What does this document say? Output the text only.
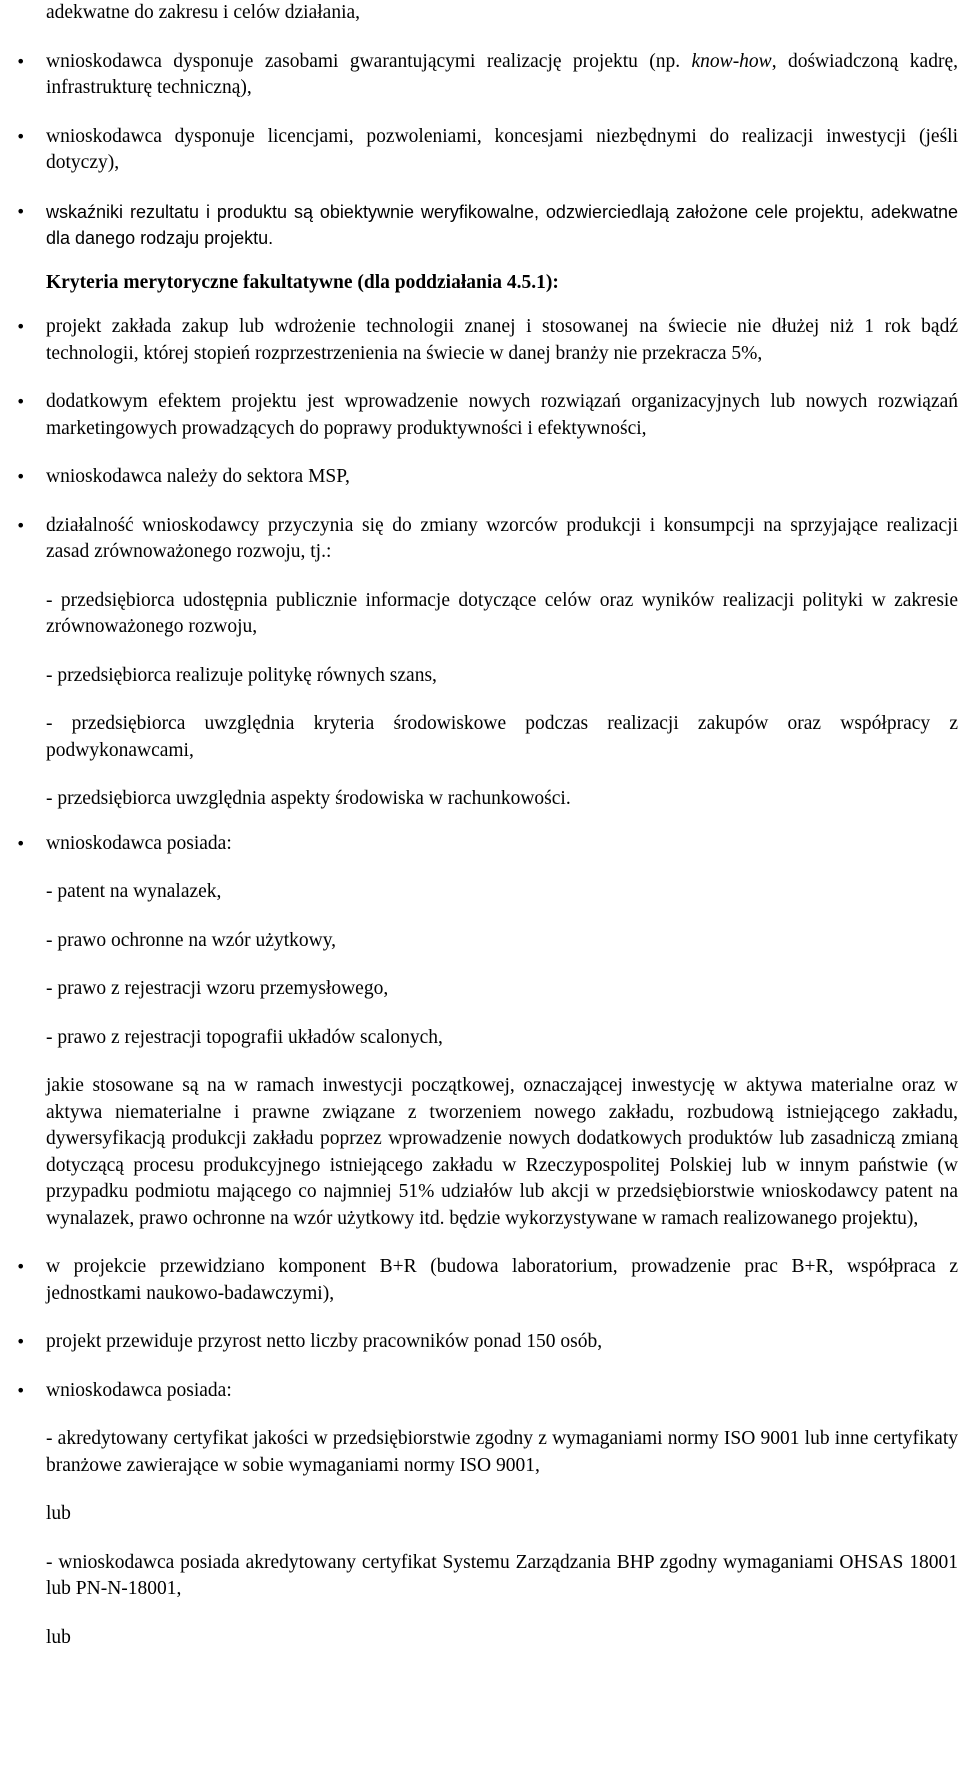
adekwatne do zakresu i celów działania,

• wnioskodawca dysponuje zasobami gwarantującymi realizację projektu (np. know-how, doświadczoną kadrę, infrastrukturę techniczną),

• wnioskodawca dysponuje licencjami, pozwoleniami, koncesjami niezbędnymi do realizacji inwestycji (jeśli dotyczy),

• wskaźniki rezultatu i produktu są obiektywnie weryfikowalne, odzwierciedlają założone cele projektu, adekwatne dla danego rodzaju projektu.

Kryteria merytoryczne fakultatywne (dla poddziałania 4.5.1):

• projekt zakłada zakup lub wdrożenie technologii znanej i stosowanej na świecie nie dłużej niż 1 rok bądź technologii, której stopień rozprzestrzenienia na świecie w danej branży nie przekracza 5%,

• dodatkowym efektem projektu jest wprowadzenie nowych rozwiązań organizacyjnych lub nowych rozwiązań marketingowych prowadzących do poprawy produktywności i efektywności,

• wnioskodawca należy do sektora MSP,

• działalność wnioskodawcy przyczynia się do zmiany wzorców produkcji i konsumpcji na sprzyjające realizacji zasad zrównoważonego rozwoju, tj.:

- przedsiębiorca udostępnia publicznie informacje dotyczące celów oraz wyników realizacji polityki w zakresie zrównoważonego rozwoju,

- przedsiębiorca realizuje politykę równych szans,

- przedsiębiorca uwzględnia kryteria środowiskowe podczas realizacji zakupów oraz współpracy z podwykonawcami,

- przedsiębiorca uwzględnia aspekty środowiska w rachunkowości.

• wnioskodawca posiada:

- patent na wynalazek,

- prawo ochronne na wzór użytkowy,

- prawo z rejestracji wzoru przemysłowego,

- prawo z rejestracji topografii układów scalonych,

jakie stosowane są na w ramach inwestycji początkowej, oznaczającej inwestycję w aktywa materialne oraz w aktywa niematerialne i prawne związane z tworzeniem nowego zakładu, rozbudową istniejącego zakładu, dywersyfikacją produkcji zakładu poprzez wprowadzenie nowych dodatkowych produktów lub zasadniczą zmianą dotyczącą procesu produkcyjnego istniejącego zakładu w Rzeczypospolitej Polskiej lub w innym państwie (w przypadku podmiotu mającego co najmniej 51% udziałów lub akcji w przedsiębiorstwie wnioskodawcy patent na wynalazek, prawo ochronne na wzór użytkowy itd. będzie wykorzystywane w ramach realizowanego projektu),

• w projekcie przewidziano komponent B+R (budowa laboratorium, prowadzenie prac B+R, współpraca z jednostkami naukowo-badawczymi),

• projekt przewiduje przyrost netto liczby pracowników ponad 150 osób,

• wnioskodawca posiada:

- akredytowany certyfikat jakości w przedsiębiorstwie zgodny z wymaganiami normy ISO 9001 lub inne certyfikaty branżowe zawierające w sobie wymaganiami normy ISO 9001,

lub

- wnioskodawca posiada akredytowany certyfikat Systemu Zarządzania BHP zgodny wymaganiami OHSAS 18001 lub PN-N-18001,

lub
